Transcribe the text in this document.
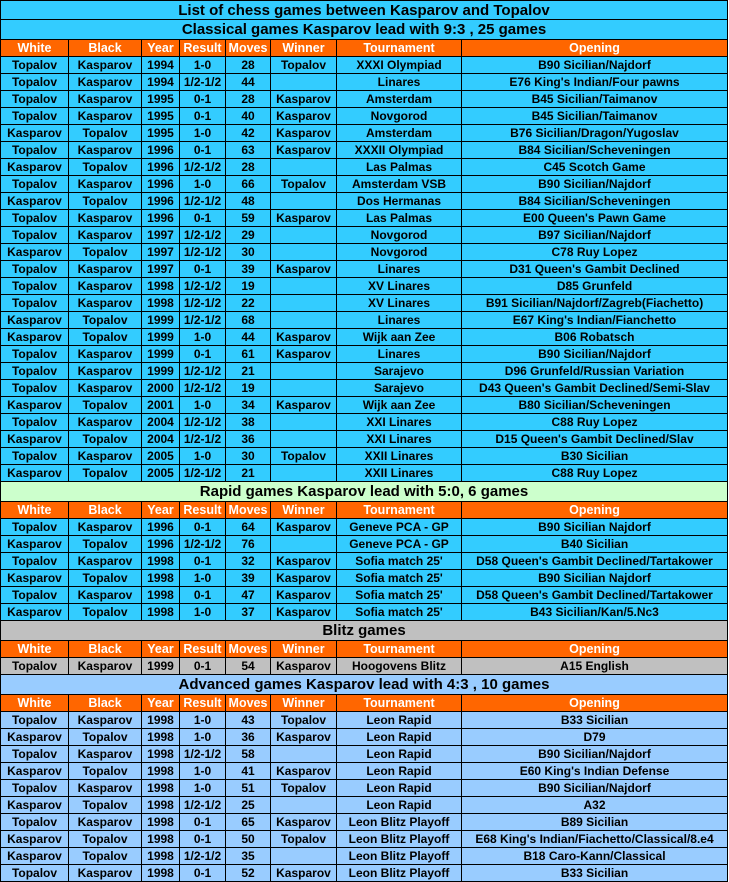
List of chess games between Kasparov and Topalov							
Classical games Kasparov lead with 9:3 , 25 games							
White	Black	Year	Result	Moves	Winner	Tournament	Opening
Topalov	Kasparov	1994	1-0	28	Topalov	XXXI Olympiad	B90 Sicilian/Najdorf
Topalov	Kasparov	1994	1/2-1/2	44		Linares	E76 King's Indian/Four pawns
Topalov	Kasparov	1995	0-1	28	Kasparov	Amsterdam	B45 Sicilian/Taimanov
Topalov	Kasparov	1995	0-1	40	Kasparov	Novgorod	B45 Sicilian/Taimanov
Kasparov	Topalov	1995	1-0	42	Kasparov	Amsterdam	B76 Sicilian/Dragon/Yugoslav
Topalov	Kasparov	1996	0-1	63	Kasparov	XXXII Olympiad	B84 Sicilian/Scheveningen
Kasparov	Topalov	1996	1/2-1/2	28		Las Palmas	C45 Scotch Game
Topalov	Kasparov	1996	1-0	66	Topalov	Amsterdam VSB	B90 Sicilian/Najdorf
Kasparov	Topalov	1996	1/2-1/2	48		Dos Hermanas	B84 Sicilian/Scheveningen
Topalov	Kasparov	1996	0-1	59	Kasparov	Las Palmas	E00 Queen's Pawn Game
Topalov	Kasparov	1997	1/2-1/2	29		Novgorod	B97 Sicilian/Najdorf
Kasparov	Topalov	1997	1/2-1/2	30		Novgorod	C78 Ruy Lopez
Topalov	Kasparov	1997	0-1	39	Kasparov	Linares	D31 Queen's Gambit Declined
Topalov	Kasparov	1998	1/2-1/2	19		XV Linares	D85 Grunfeld
Topalov	Kasparov	1998	1/2-1/2	22		XV Linares	B91 Sicilian/Najdorf/Zagreb(Fiachetto)
Kasparov	Topalov	1999	1/2-1/2	68		Linares	E67 King's Indian/Fianchetto
Kasparov	Topalov	1999	1-0	44	Kasparov	Wijk aan Zee	B06 Robatsch
Topalov	Kasparov	1999	0-1	61	Kasparov	Linares	B90 Sicilian/Najdorf
Topalov	Kasparov	1999	1/2-1/2	21		Sarajevo	D96 Grunfeld/Russian Variation
Topalov	Kasparov	2000	1/2-1/2	19		Sarajevo	D43 Queen's Gambit Declined/Semi-Slav
Kasparov	Topalov	2001	1-0	34	Kasparov	Wijk aan Zee	B80 Sicilian/Scheveningen
Topalov	Kasparov	2004	1/2-1/2	38		XXI Linares	C88 Ruy Lopez
Kasparov	Topalov	2004	1/2-1/2	36		XXI Linares	D15 Queen's Gambit Declined/Slav
Topalov	Kasparov	2005	1-0	30	Topalov	XXII Linares	B30 Sicilian
Kasparov	Topalov	2005	1/2-1/2	21		XXII Linares	C88 Ruy Lopez
Rapid games Kasparov lead with 5:0, 6 games							
White	Black	Year	Result	Moves	Winner	Tournament	Opening
Topalov	Kasparov	1996	0-1	64	Kasparov	Geneve PCA - GP	B90 Sicilian Najdorf
Kasparov	Topalov	1996	1/2-1/2	76		Geneve PCA - GP	B40 Sicilian
Topalov	Kasparov	1998	0-1	32	Kasparov	Sofia match 25'	D58 Queen's Gambit Declined/Tartakower
Kasparov	Topalov	1998	1-0	39	Kasparov	Sofia match 25'	B90 Sicilian Najdorf
Topalov	Kasparov	1998	0-1	47	Kasparov	Sofia match 25'	D58 Queen's Gambit Declined/Tartakower
Kasparov	Topalov	1998	1-0	37	Kasparov	Sofia match 25'	B43 Sicilian/Kan/5.Nc3
Blitz games							
White	Black	Year	Result	Moves	Winner	Tournament	Opening
Topalov	Kasparov	1999	0-1	54	Kasparov	Hoogovens Blitz	A15 English
Advanced games Kasparov lead with 4:3 , 10 games							
White	Black	Year	Result	Moves	Winner	Tournament	Opening
Topalov	Kasparov	1998	1-0	43	Topalov	Leon Rapid	B33 Sicilian
Kasparov	Topalov	1998	1-0	36	Kasparov	Leon Rapid	D79
Topalov	Kasparov	1998	1/2-1/2	58		Leon Rapid	B90 Sicilian/Najdorf
Kasparov	Topalov	1998	1-0	41	Kasparov	Leon Rapid	E60 King's Indian Defense
Topalov	Kasparov	1998	1-0	51	Topalov	Leon Rapid	B90 Sicilian/Najdorf
Kasparov	Topalov	1998	1/2-1/2	25		Leon Rapid	A32
Topalov	Kasparov	1998	0-1	65	Kasparov	Leon Blitz Playoff	B89 Sicilian
Kasparov	Topalov	1998	0-1	50	Topalov	Leon Blitz Playoff	E68 King's Indian/Fiachetto/Classical/8.e4
Kasparov	Topalov	1998	1/2-1/2	35		Leon Blitz Playoff	B18 Caro-Kann/Classical
Topalov	Kasparov	1998	0-1	52	Kasparov	Leon Blitz Playoff	B33 Sicilian
